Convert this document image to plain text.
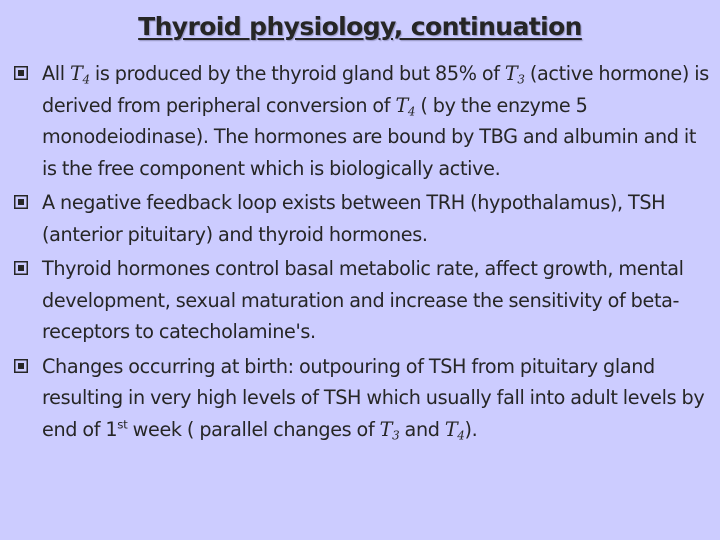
Thyroid physiology, continuation
All $T_4$ is produced by the thyroid gland but 85% of $T_3$ (active hormone) is derived from peripheral conversion of $T_4$ ( by the enzyme 5 monodeiodinase). The hormones are bound by TBG and albumin and it is the free component which is biologically active.
A negative feedback loop exists between TRH (hypothalamus), TSH (anterior pituitary) and thyroid hormones.
Thyroid hormones control basal metabolic rate, affect growth, mental development, sexual maturation and increase the sensitivity of beta-receptors to catecholamine's.
Changes occurring at birth: outpouring of TSH from pituitary gland resulting in very high levels of TSH which usually fall into adult levels by end of 1st week ( parallel changes of $T_3$ and $T_4$).
